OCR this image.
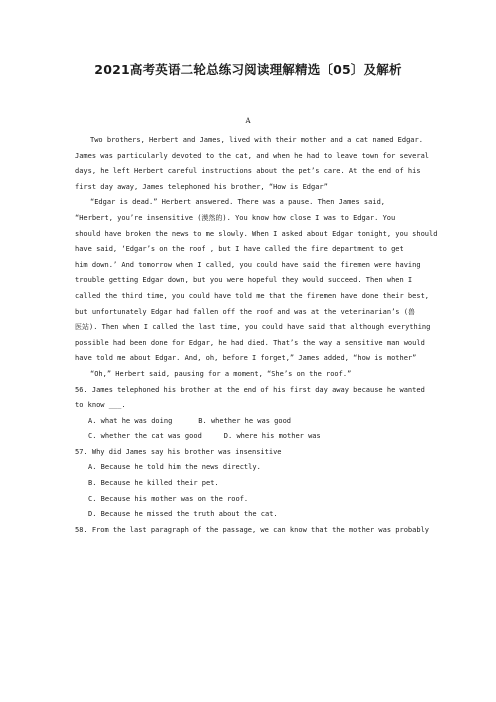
2021高考英语二轮总练习阅读理解精选〔05〕及解析
A

Two brothers, Herbert and James, lived with their mother and a cat named Edgar.

James was particularly devoted to the cat, and when he had to leave town for several

days, he left Herbert careful instructions about the pet’s care. At the end of his

first day away, James telephoned his brother, “How is Edgar”

“Edgar is dead.” Herbert answered. There was a pause. Then James said,

“Herbert, you’re insensitive (漠然的). You know how close I was to Edgar. You

should have broken the news to me slowly. When I asked about Edgar tonight, you should

have said, ‘Edgar’s on the roof , but I have called the fire department to get

him down.’ And tomorrow when I called, you could have said the firemen were having

trouble getting Edgar down, but you were hopeful they would succeed. Then when I

called the third time, you could have told me that the firemen have done their best,

but unfortunately Edgar had fallen off the roof and was at the veterinarian’s (兽

医站). Then when I called the last time, you could have said that although everything

possible had been done for Edgar, he had died. That’s the way a sensitive man would

have told me about Edgar. And, oh, before I forget,” James added, “how is mother”

“Oh,” Herbert said, pausing for a moment, “She’s on the roof.”

56. James telephoned his brother at the end of his first day away because he wanted

to know ___.

A. what he was doing	B. whether he was good

C. whether the cat was good	D. where his mother was

57. Why did James say his brother was insensitive

A. Because he told him the news directly.

B. Because he killed their pet.

C. Because his mother was on the roof.

D. Because he missed the truth about the cat.

58. From the last paragraph of the passage, we can know that the mother was probably
